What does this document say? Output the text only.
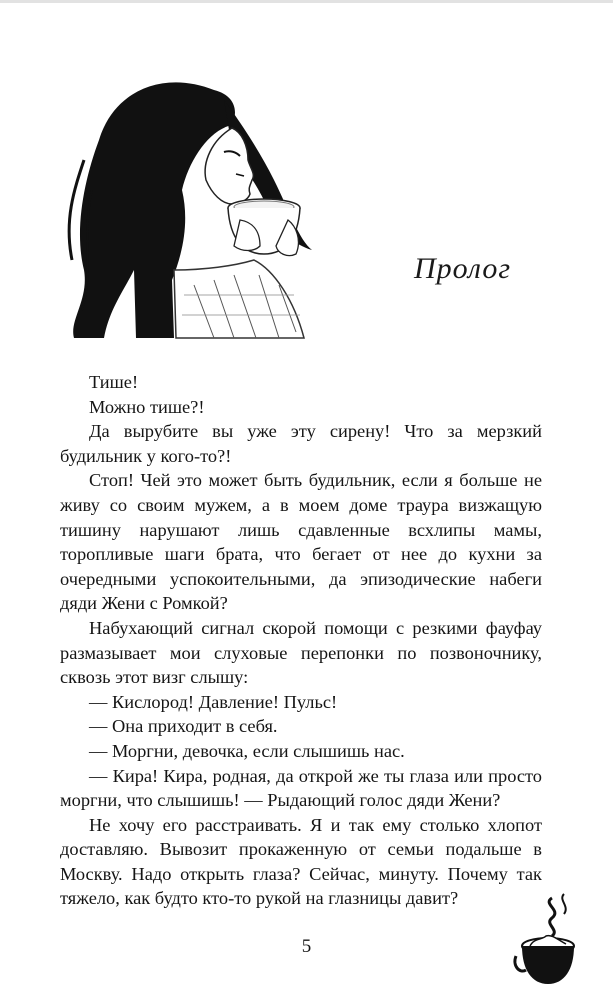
Пролог

Тише!

Можно тише?!

Да вырубите вы уже эту сирену! Что за мерзкий будильник у кого-то?!

Стоп! Чей это может быть будильник, если я больше не живу со своим мужем, а в моем доме траура визжащую тишину нарушают лишь сдавленные всхлипы мамы, торопливые шаги брата, что бегает от нее до кухни за очередными успокоительными, да эпизодические набеги дяди Жени с Ромкой?

Набухающий сигнал скорой помощи с резкими фауфау размазывает мои слуховые перепонки по позвоночнику, сквозь этот визг слышу:

— Кислород! Давление! Пульс!

— Она приходит в себя.

— Моргни, девочка, если слышишь нас.

— Кира! Кира, родная, да открой же ты глаза или просто моргни, что слышишь! — Рыдающий голос дяди Жени?

Не хочу его расстраивать. Я и так ему столько хлопот доставляю. Вывозит прокаженную от семьи подальше в Москву. Надо открыть глаза? Сейчас, минуту. Почему так тяжело, как будто кто-то рукой на глазницы давит?

5
